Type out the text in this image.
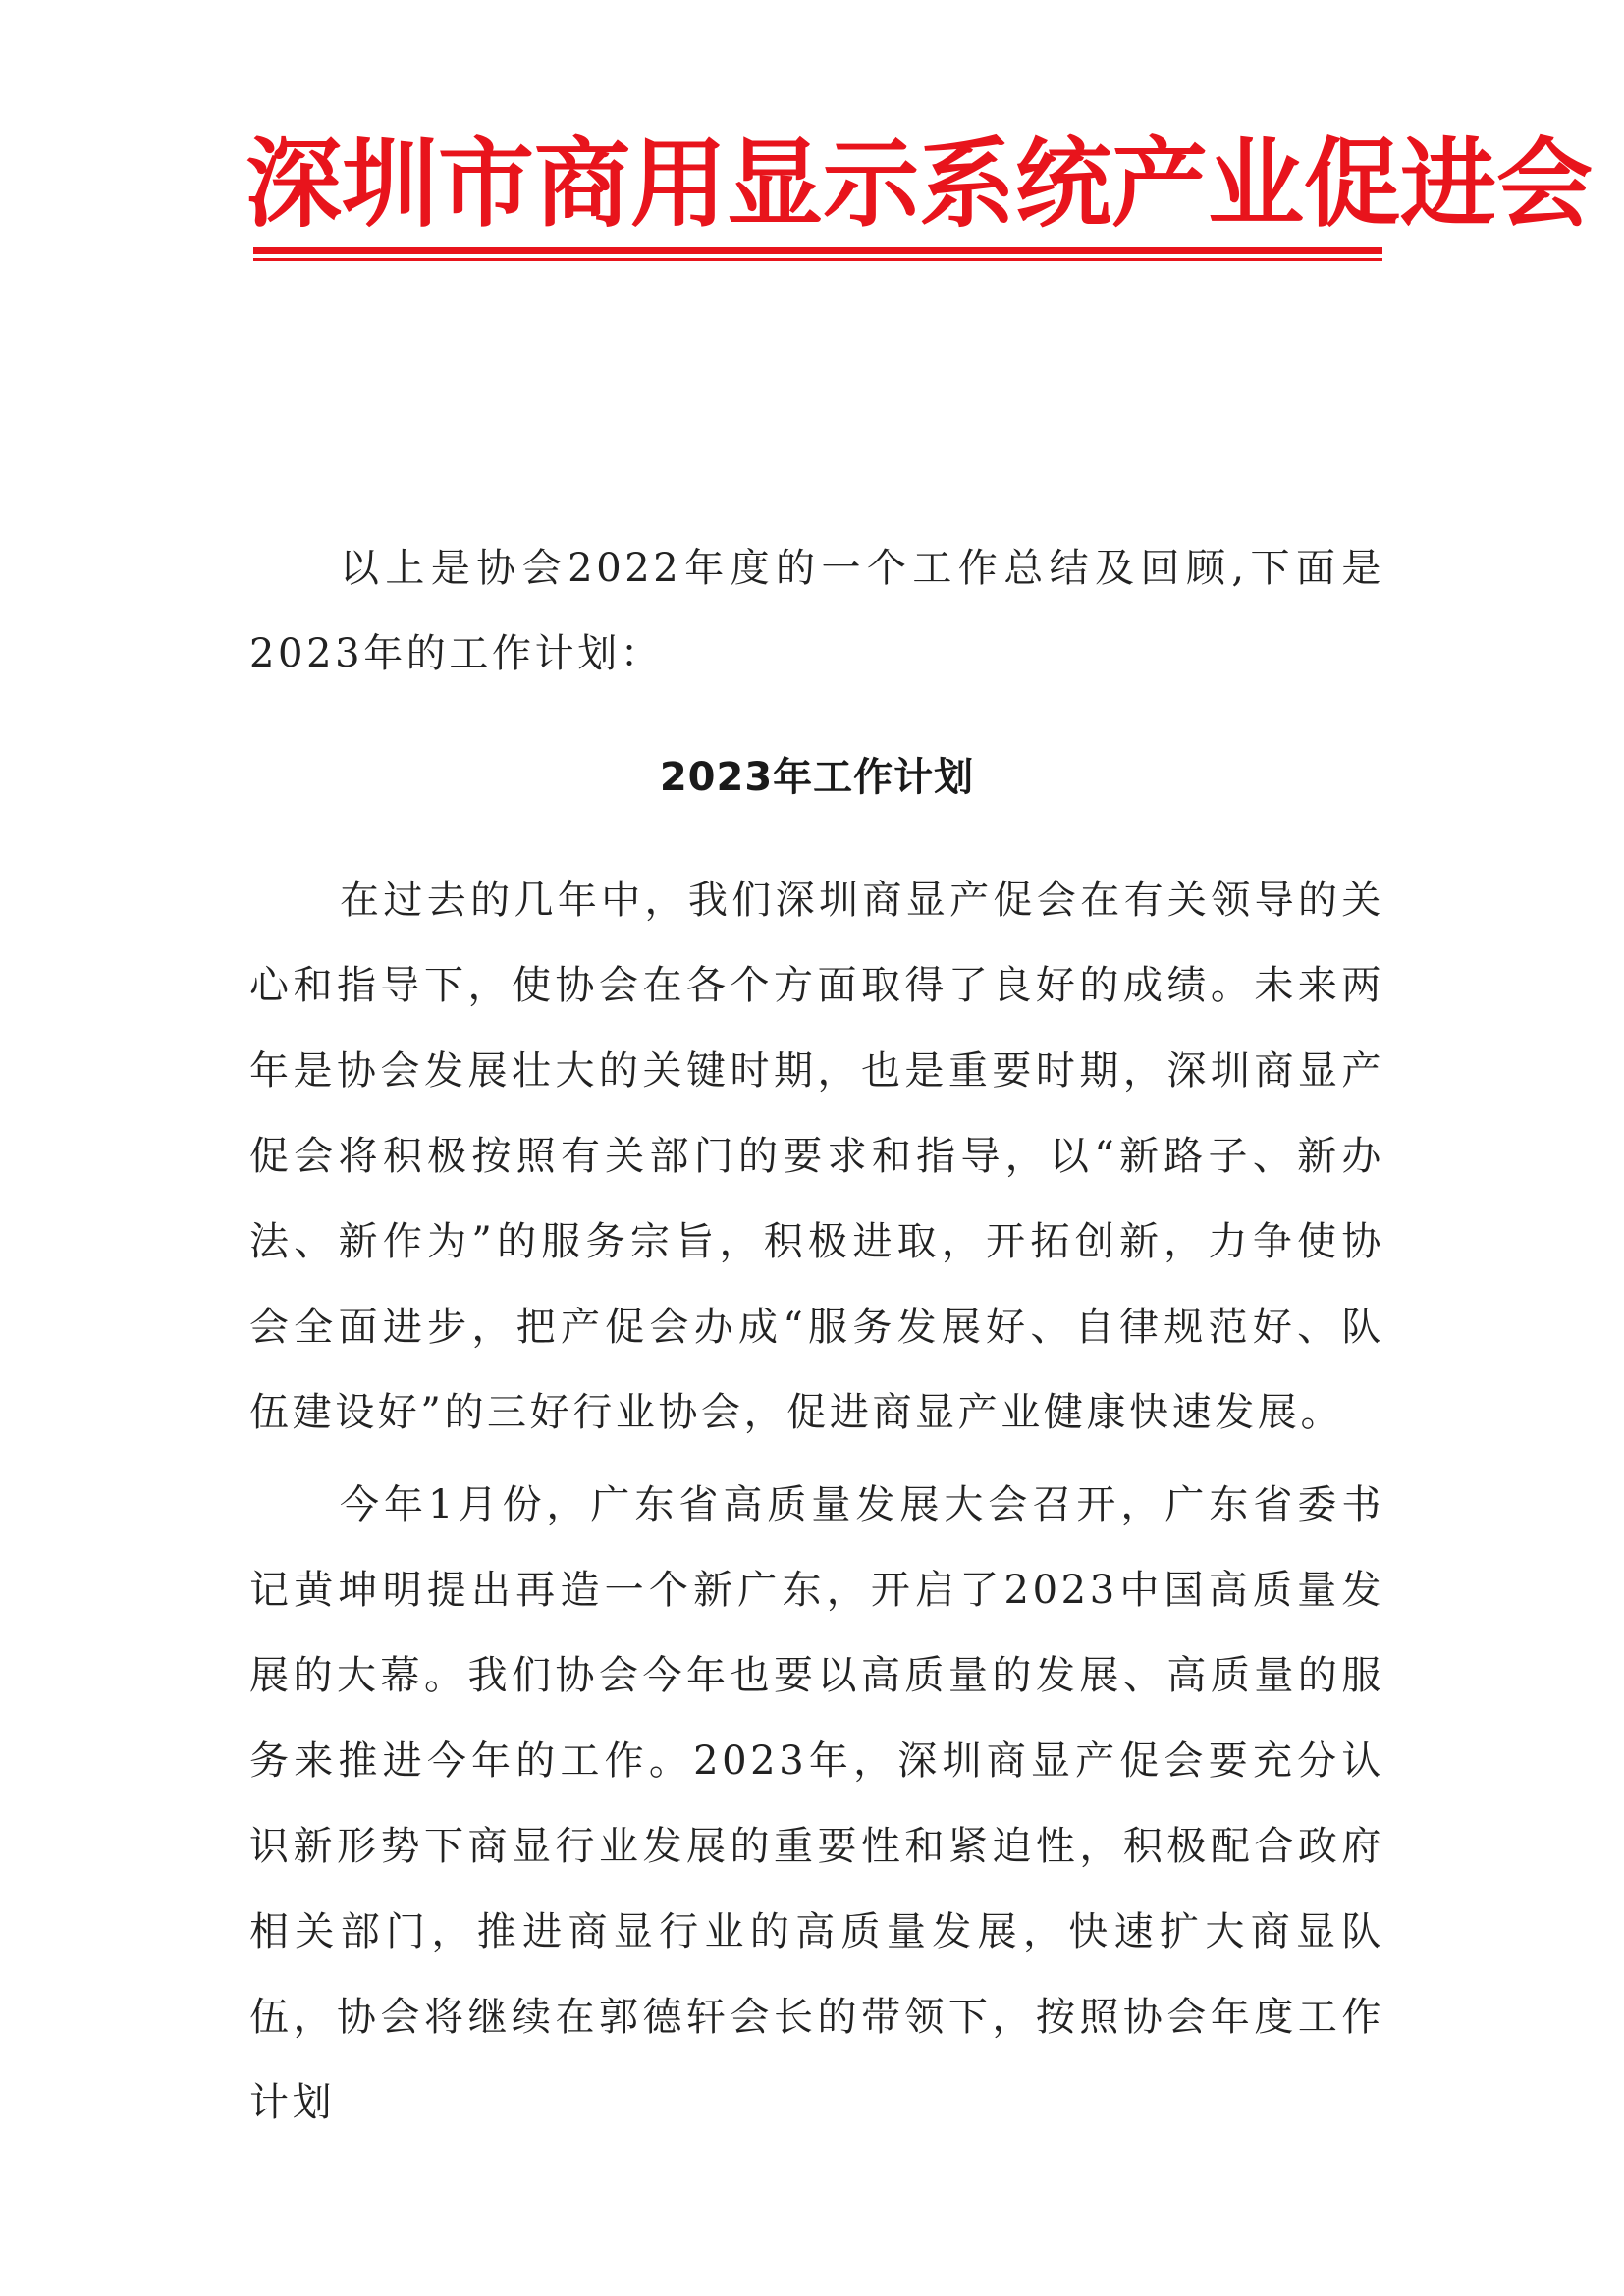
深圳市商用显示系统产业促进会

以上是协会2022年度的一个工作总结及回顾,下面是2023年的工作计划：

2023年工作计划

在过去的几年中，我们深圳商显产促会在有关领导的关心和指导下，使协会在各个方面取得了良好的成绩。未来两年是协会发展壮大的关键时期，也是重要时期，深圳商显产促会将积极按照有关部门的要求和指导，以“新路子、新办法、新作为”的服务宗旨，积极进取，开拓创新，力争使协会全面进步，把产促会办成“服务发展好、自律规范好、队伍建设好”的三好行业协会，促进商显产业健康快速发展。

今年1月份，广东省高质量发展大会召开，广东省委书记黄坤明提出再造一个新广东，开启了2023中国高质量发展的大幕。我们协会今年也要以高质量的发展、高质量的服务来推进今年的工作。2023年，深圳商显产促会要充分认识新形势下商显行业发展的重要性和紧迫性，积极配合政府相关部门，推进商显行业的高质量发展，快速扩大商显队伍，协会将继续在郭德轩会长的带领下，按照协会年度工作计划
